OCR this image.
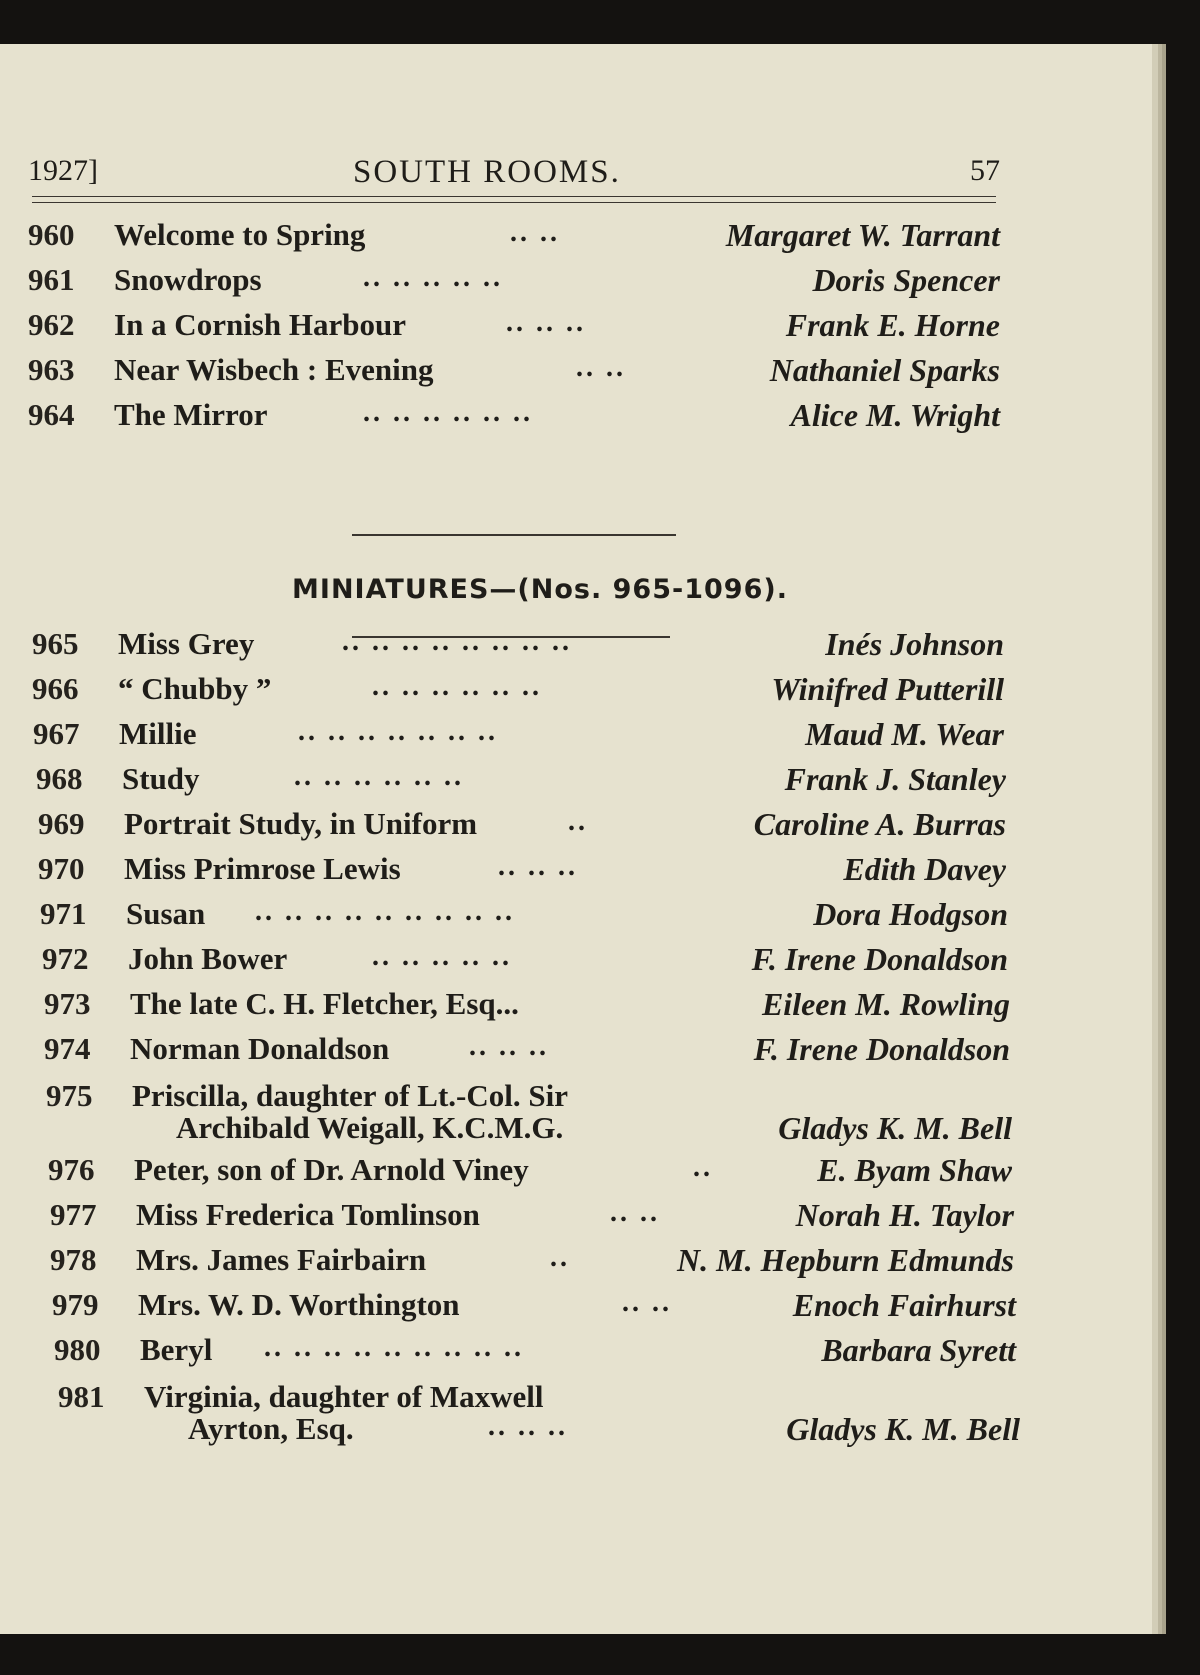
1927]	SOUTH ROOMS.	57
960 Welcome to Spring	.. ..	Margaret W. Tarrant
961 Snowdrops	.. .. .. .. ..	Doris Spencer
962 In a Cornish Harbour	.. .. ..	Frank E. Horne
963 Near Wisbech : Evening	.. ..	Nathaniel Sparks
964 The Mirror	.. .. .. .. .. ..	Alice M. Wright
MINIATURES—(Nos. 965-1096).
965 Miss Grey	.. .. .. .. .. .. .. ..	Inés Johnson
966 “ Chubby ”	.. .. .. .. .. ..	Winifred Putterill
967 Millie	.. .. .. .. .. .. ..	Maud M. Wear
968 Study	.. .. .. .. .. ..	Frank J. Stanley
969 Portrait Study, in Uniform	..	Caroline A. Burras
970 Miss Primrose Lewis	.. .. ..	Edith Davey
971 Susan .. .. .. .. .. .. .. .. ..	Dora Hodgson
972 John Bower	.. .. .. .. ..	F. Irene Donaldson
973 The late C. H. Fletcher, Esq...	Eileen M. Rowling
974 Norman Donaldson	.. .. ..	F. Irene Donaldson
975 Priscilla, daughter of Lt.-Col. Sir
Archibald Weigall, K.C.M.G.	Gladys K. M. Bell
976 Peter, son of Dr. Arnold Viney	..	E. Byam Shaw
977 Miss Frederica Tomlinson	.. ..	Norah H. Taylor
978 Mrs. James Fairbairn	..	N. M. Hepburn Edmunds
979 Mrs. W. D. Worthington	.. ..	Enoch Fairhurst
980 Beryl .. .. .. .. .. .. .. .. ..	Barbara Syrett
981 Virginia, daughter of Maxwell
Ayrton, Esq.	.. .. ..	Gladys K. M. Bell
